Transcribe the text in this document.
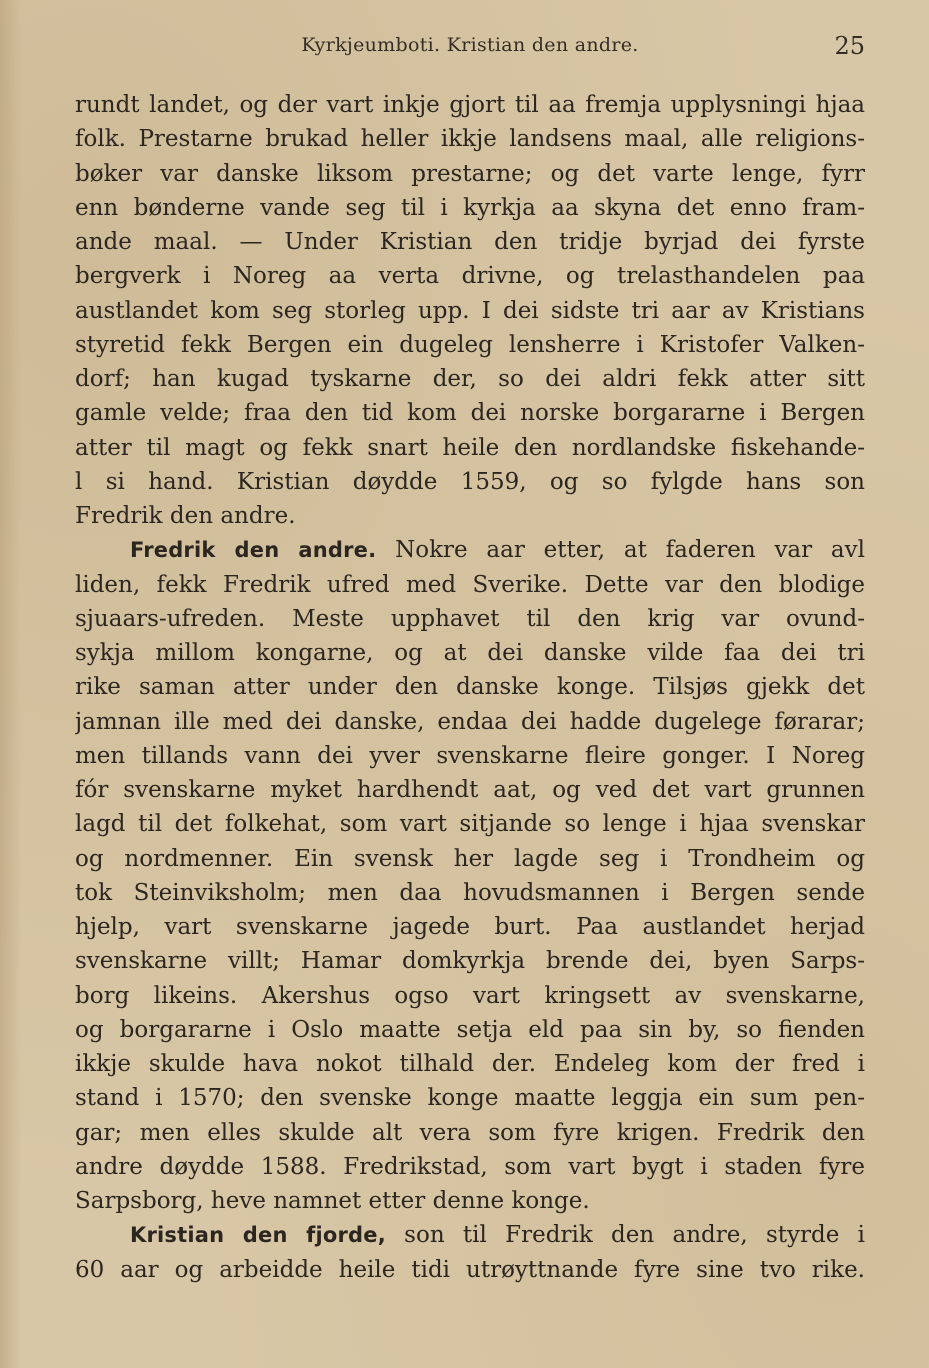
Kyrkjeumboti. Kristian den andre.	25
rundt landet, og der vart inkje gjort til aa fremja upplysningi hjaa
folk. Prestarne brukad heller ikkje landsens maal, alle religions-
bøker var danske liksom prestarne; og det varte lenge, fyrr
enn bønderne vande seg til i kyrkja aa skyna det enno fram-
ande maal. — Under Kristian den tridje byrjad dei fyrste
bergverk i Noreg aa verta drivne, og trelasthandelen paa
austlandet kom seg storleg upp. I dei sidste tri aar av Kristians
styretid fekk Bergen ein dugeleg lensherre i Kristofer Valken-
dorf; han kugad tyskarne der, so dei aldri fekk atter sitt
gamle velde; fraa den tid kom dei norske borgararne i Bergen
atter til magt og fekk snart heile den nordlandske fiskehande-
l si hand. Kristian døydde 1559, og so fylgde hans son
Fredrik den andre.
Fredrik den andre. Nokre aar etter, at faderen var avl
liden, fekk Fredrik ufred med Sverike. Dette var den blodige
sjuaars-ufreden. Meste upphavet til den krig var ovund-
sykja millom kongarne, og at dei danske vilde faa dei tri
rike saman atter under den danske konge. Tilsjøs gjekk det
jamnan ille med dei danske, endaa dei hadde dugelege førarar;
men tillands vann dei yver svenskarne fleire gonger. I Noreg
fór svenskarne myket hardhendt aat, og ved det vart grunnen
lagd til det folkehat, som vart sitjande so lenge i hjaa svenskar
og nordmenner. Ein svensk her lagde seg i Trondheim og
tok Steinviksholm; men daa hovudsmannen i Bergen sende
hjelp, vart svenskarne jagede burt. Paa austlandet herjad
svenskarne villt; Hamar domkyrkja brende dei, byen Sarps-
borg likeins. Akershus ogso vart kringsett av svenskarne,
og borgararne i Oslo maatte setja eld paa sin by, so fienden
ikkje skulde hava nokot tilhald der. Endeleg kom der fred i
stand i 1570; den svenske konge maatte leggja ein sum pen-
gar; men elles skulde alt vera som fyre krigen. Fredrik den
andre døydde 1588. Fredrikstad, som vart bygt i staden fyre
Sarpsborg, heve namnet etter denne konge.
Kristian den fjorde, son til Fredrik den andre, styrde i
60 aar og arbeidde heile tidi utrøyttnande fyre sine tvo rike.
